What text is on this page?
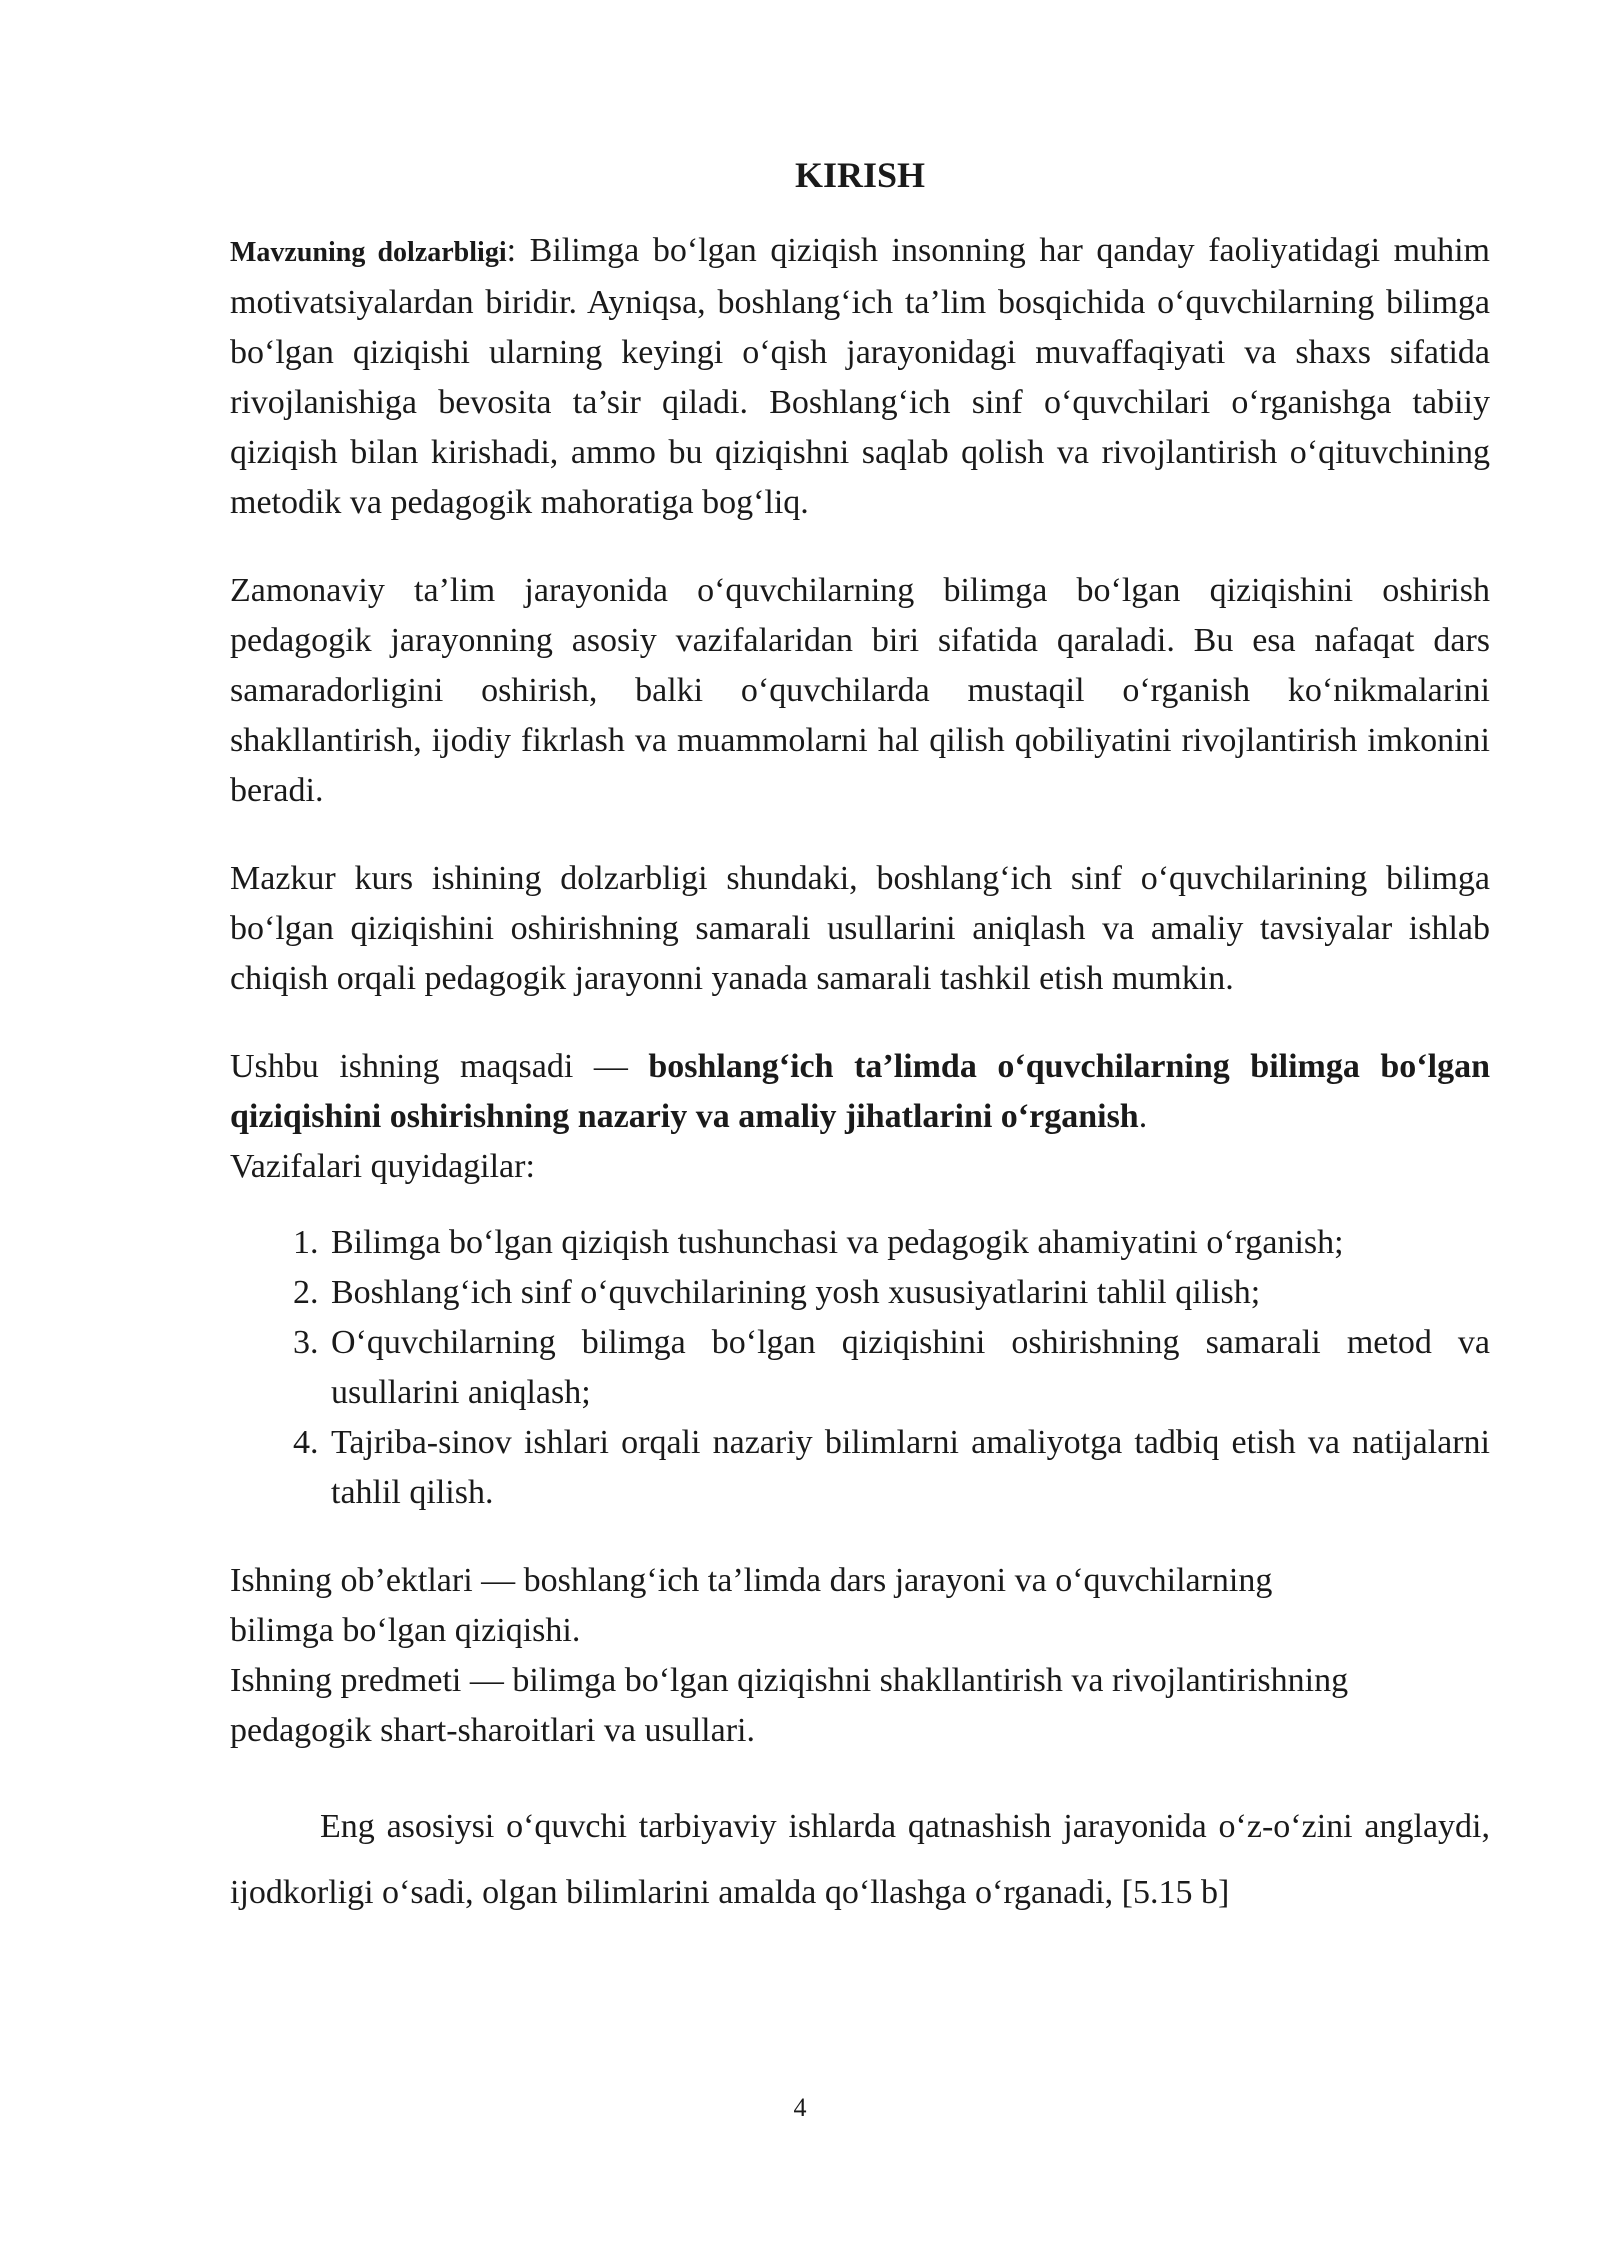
KIRISH

Mavzuning dolzarbligi: Bilimga bo‘lgan qiziqish insonning har qanday faoliyatidagi muhim motivatsiyalardan biridir. Ayniqsa, boshlang‘ich ta’lim bosqichida o‘quvchilarning bilimga bo‘lgan qiziqishi ularning keyingi o‘qish jarayonidagi muvaffaqiyati va shaxs sifatida rivojlanishiga bevosita ta’sir qiladi. Boshlang‘ich sinf o‘quvchilari o‘rganishga tabiiy qiziqish bilan kirishadi, ammo bu qiziqishni saqlab qolish va rivojlantirish o‘qituvchining metodik va pedagogik mahoratiga bog‘liq.

Zamonaviy ta’lim jarayonida o‘quvchilarning bilimga bo‘lgan qiziqishini oshirish pedagogik jarayonning asosiy vazifalaridan biri sifatida qaraladi. Bu esa nafaqat dars samaradorligini oshirish, balki o‘quvchilarda mustaqil o‘rganish ko‘nikmalarini shakllantirish, ijodiy fikrlash va muammolarni hal qilish qobiliyatini rivojlantirish imkonini beradi.

Mazkur kurs ishining dolzarbligi shundaki, boshlang‘ich sinf o‘quvchilarining bilimga bo‘lgan qiziqishini oshirishning samarali usullarini aniqlash va amaliy tavsiyalar ishlab chiqish orqali pedagogik jarayonni yanada samarali tashkil etish mumkin.

Ushbu ishning maqsadi — boshlang‘ich ta’limda o‘quvchilarning bilimga bo‘lgan qiziqishini oshirishning nazariy va amaliy jihatlarini o‘rganish.
Vazifalari quyidagilar:

1. Bilimga bo‘lgan qiziqish tushunchasi va pedagogik ahamiyatini o‘rganish;
2. Boshlang‘ich sinf o‘quvchilarining yosh xususiyatlarini tahlil qilish;
3. O‘quvchilarning bilimga bo‘lgan qiziqishini oshirishning samarali metod va usullarini aniqlash;
4. Tajriba-sinov ishlari orqali nazariy bilimlarni amaliyotga tadbiq etish va natijalarni tahlil qilish.

Ishning ob’ektlari — boshlang‘ich ta’limda dars jarayoni va o‘quvchilarning
bilimga bo‘lgan qiziqishi.

Ishning predmeti — bilimga bo‘lgan qiziqishni shakllantirish va rivojlantirishning
pedagogik shart-sharoitlari va usullari.

Eng asosiysi o‘quvchi tarbiyaviy ishlarda qatnashish jarayonida o‘z-o‘zini anglaydi, ijodkorligi o‘sadi, olgan bilimlarini amalda qo‘llashga o‘rganadi, [5.15 b]

4
